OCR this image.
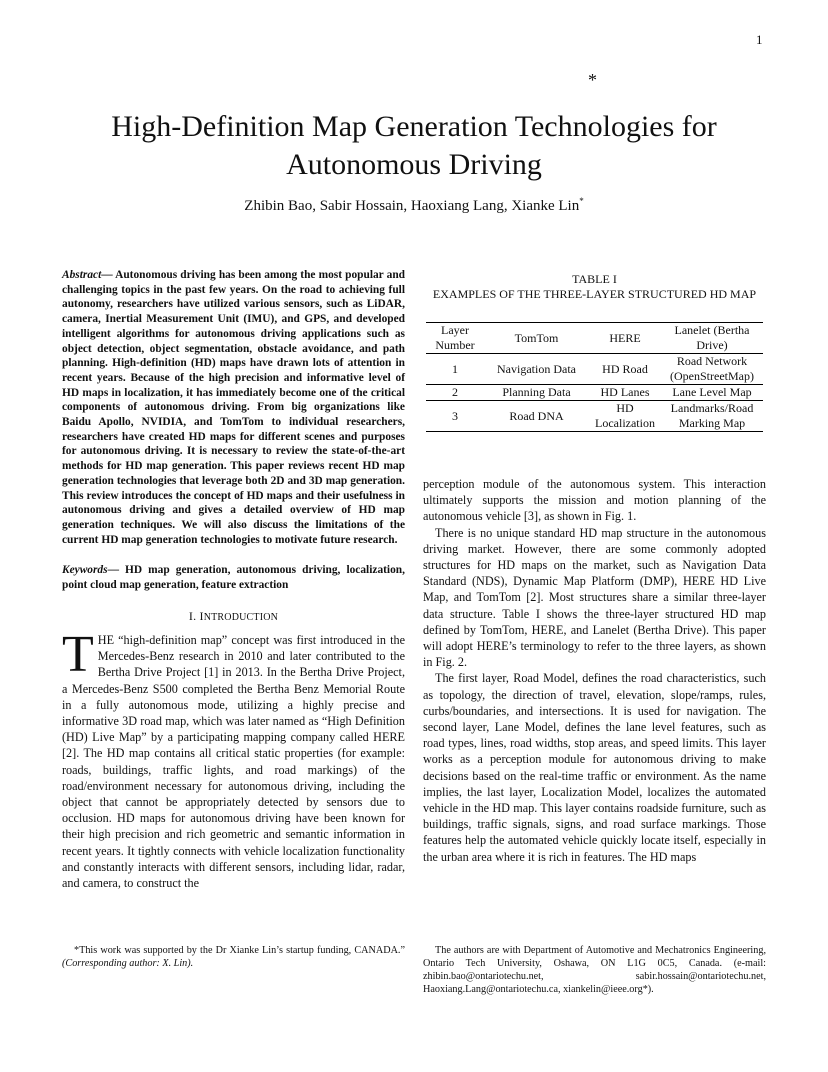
1
*
High-Definition Map Generation Technologies for Autonomous Driving
Zhibin Bao, Sabir Hossain, Haoxiang Lang, Xianke Lin*

Abstract— Autonomous driving has been among the most popular and challenging topics in the past few years. On the road to achieving full autonomy, researchers have utilized various sensors, such as LiDAR, camera, Inertial Measurement Unit (IMU), and GPS, and developed intelligent algorithms for autonomous driving applications such as object detection, object segmentation, obstacle avoidance, and path planning. High-definition (HD) maps have drawn lots of attention in recent years. Because of the high precision and informative level of HD maps in localization, it has immediately become one of the critical components of autonomous driving. From big organizations like Baidu Apollo, NVIDIA, and TomTom to individual researchers, researchers have created HD maps for different scenes and purposes for autonomous driving. It is necessary to review the state-of-the-art methods for HD map generation. This paper reviews recent HD map generation technologies that leverage both 2D and 3D map generation. This review introduces the concept of HD maps and their usefulness in autonomous driving and gives a detailed overview of HD map generation techniques. We will also discuss the limitations of the current HD map generation technologies to motivate future research.

Keywords— HD map generation, autonomous driving, localization, point cloud map generation, feature extraction

I. INTRODUCTION

THE “high-definition map” concept was first introduced in the Mercedes-Benz research in 2010 and later contributed to the Bertha Drive Project [1] in 2013. In the Bertha Drive Project, a Mercedes-Benz S500 completed the Bertha Benz Memorial Route in a fully autonomous mode, utilizing a highly precise and informative 3D road map, which was later named as “High Definition (HD) Live Map” by a participating mapping company called HERE [2]. The HD map contains all critical static properties (for example: roads, buildings, traffic lights, and road markings) of the road/environment necessary for autonomous driving, including the object that cannot be appropriately detected by sensors due to occlusion. HD maps for autonomous driving have been known for their high precision and rich geometric and semantic information in recent years. It tightly connects with vehicle localization functionality and constantly interacts with different sensors, including lidar, radar, and camera, to construct the

TABLE I
EXAMPLES OF THE THREE-LAYER STRUCTURED HD MAP
Layer Number	TomTom	HERE	Lanelet (Bertha Drive)
1	Navigation Data	HD Road	Road Network (OpenStreetMap)
2	Planning Data	HD Lanes	Lane Level Map
3	Road DNA	HD Localization	Landmarks/Road Marking Map

perception module of the autonomous system. This interaction ultimately supports the mission and motion planning of the autonomous vehicle [3], as shown in Fig. 1.

There is no unique standard HD map structure in the autonomous driving market. However, there are some commonly adopted structures for HD maps on the market, such as Navigation Data Standard (NDS), Dynamic Map Platform (DMP), HERE HD Live Map, and TomTom [2]. Most structures share a similar three-layer data structure. Table I shows the three-layer structured HD map defined by TomTom, HERE, and Lanelet (Bertha Drive). This paper will adopt HERE’s terminology to refer to the three layers, as shown in Fig. 2.

The first layer, Road Model, defines the road characteristics, such as topology, the direction of travel, elevation, slope/ramps, rules, curbs/boundaries, and intersections. It is used for navigation. The second layer, Lane Model, defines the lane level features, such as road types, lines, road widths, stop areas, and speed limits. This layer works as a perception module for autonomous driving to make decisions based on the real-time traffic or environment. As the name implies, the last layer, Localization Model, localizes the automated vehicle in the HD map. This layer contains roadside furniture, such as buildings, traffic signals, signs, and road surface markings. Those features help the automated vehicle quickly locate itself, especially in the urban area where it is rich in features. The HD maps

*This work was supported by the Dr Xianke Lin’s startup funding, CANADA.” (Corresponding author: X. Lin).
The authors are with Department of Automotive and Mechatronics Engineering, Ontario Tech University, Oshawa, ON L1G 0C5, Canada. (e-mail: zhibin.bao@ontariotechu.net, sabir.hossain@ontariotechu.net, Haoxiang.Lang@ontariotechu.ca, xiankelin@ieee.org*).
